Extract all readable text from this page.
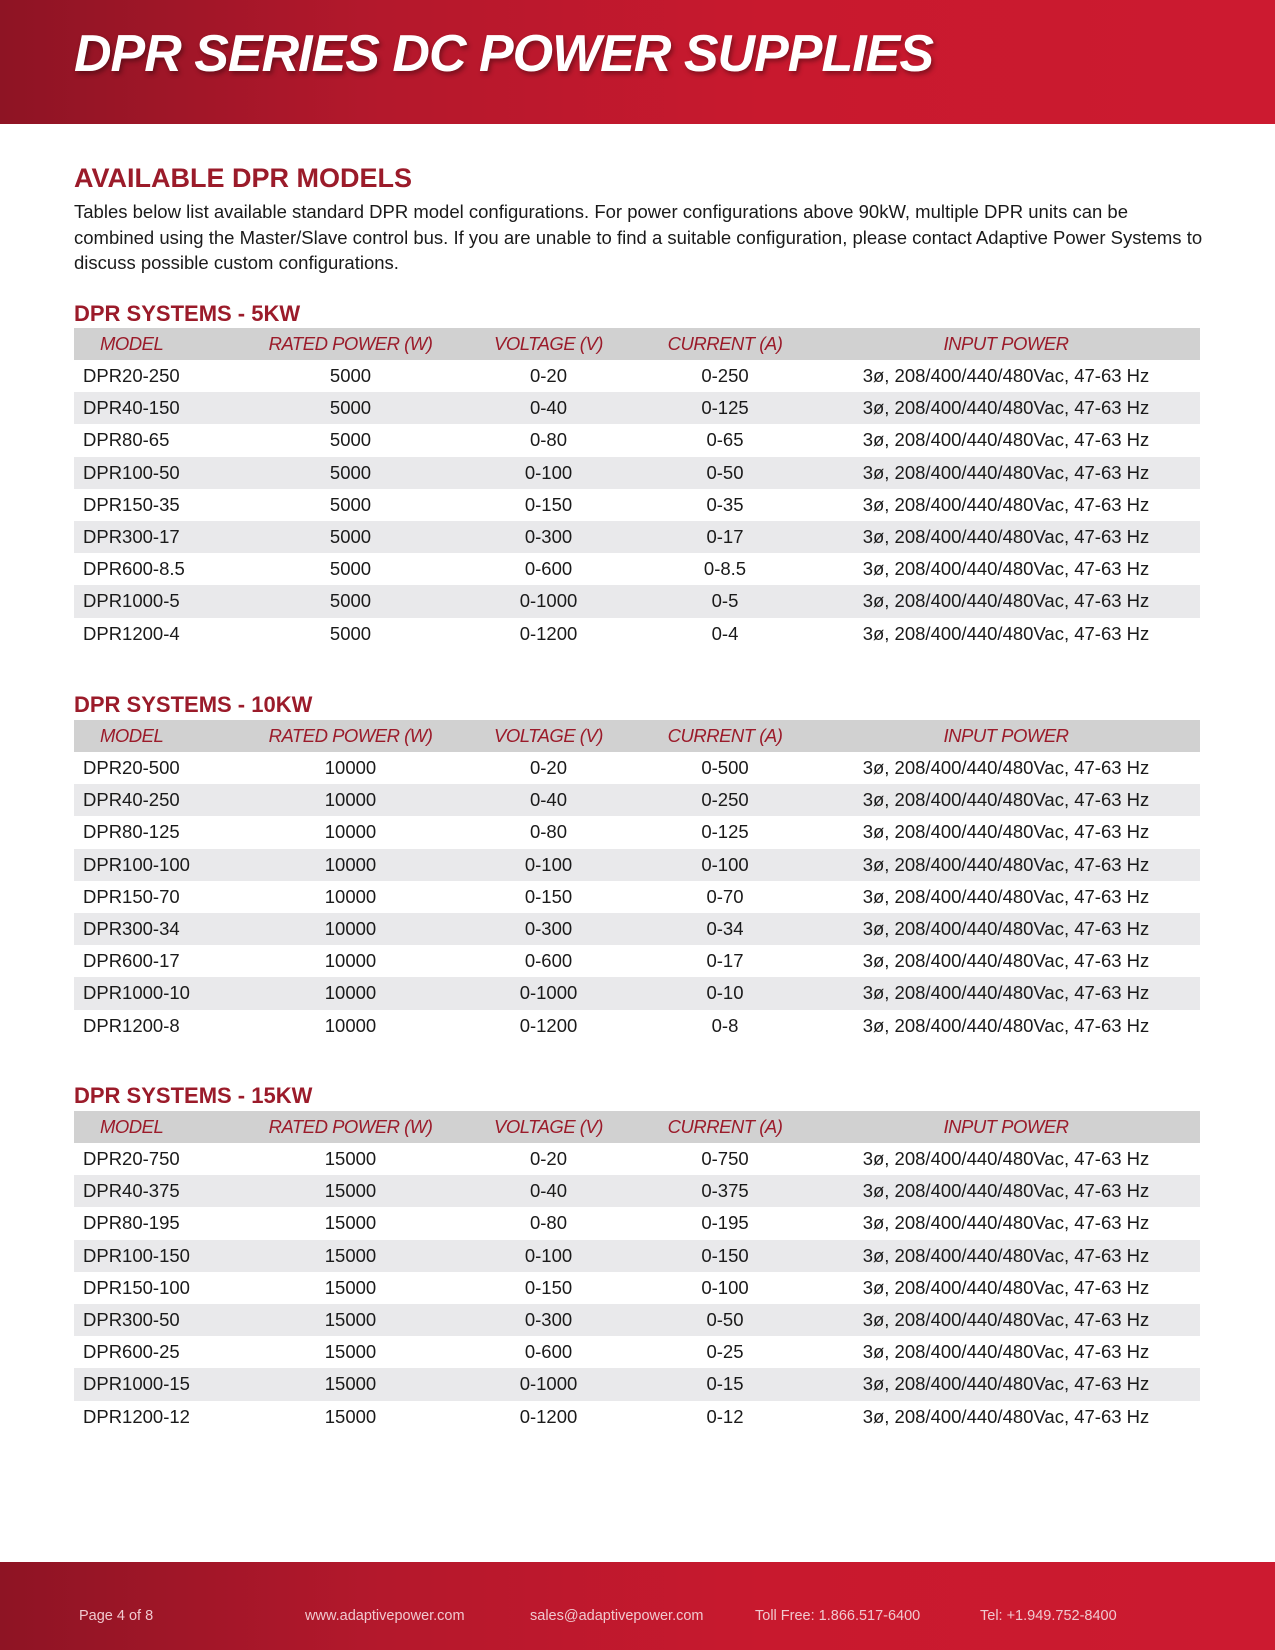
DPR SERIES DC POWER SUPPLIES
AVAILABLE DPR MODELS
Tables below list available standard DPR model configurations. For power configurations above 90kW, multiple DPR units can be combined using the Master/Slave control bus. If you are unable to find a suitable configuration, please contact Adaptive Power Systems to discuss possible custom configurations.
DPR SYSTEMS - 5KW
MODEL	RATED POWER (W)	VOLTAGE (V)	CURRENT (A)	INPUT POWER
DPR20-250	5000	0-20	0-250	3ø, 208/400/440/480Vac, 47-63 Hz
DPR40-150	5000	0-40	0-125	3ø, 208/400/440/480Vac, 47-63 Hz
DPR80-65	5000	0-80	0-65	3ø, 208/400/440/480Vac, 47-63 Hz
DPR100-50	5000	0-100	0-50	3ø, 208/400/440/480Vac, 47-63 Hz
DPR150-35	5000	0-150	0-35	3ø, 208/400/440/480Vac, 47-63 Hz
DPR300-17	5000	0-300	0-17	3ø, 208/400/440/480Vac, 47-63 Hz
DPR600-8.5	5000	0-600	0-8.5	3ø, 208/400/440/480Vac, 47-63 Hz
DPR1000-5	5000	0-1000	0-5	3ø, 208/400/440/480Vac, 47-63 Hz
DPR1200-4	5000	0-1200	0-4	3ø, 208/400/440/480Vac, 47-63 Hz
DPR SYSTEMS - 10KW
MODEL	RATED POWER (W)	VOLTAGE (V)	CURRENT (A)	INPUT POWER
DPR20-500	10000	0-20	0-500	3ø, 208/400/440/480Vac, 47-63 Hz
DPR40-250	10000	0-40	0-250	3ø, 208/400/440/480Vac, 47-63 Hz
DPR80-125	10000	0-80	0-125	3ø, 208/400/440/480Vac, 47-63 Hz
DPR100-100	10000	0-100	0-100	3ø, 208/400/440/480Vac, 47-63 Hz
DPR150-70	10000	0-150	0-70	3ø, 208/400/440/480Vac, 47-63 Hz
DPR300-34	10000	0-300	0-34	3ø, 208/400/440/480Vac, 47-63 Hz
DPR600-17	10000	0-600	0-17	3ø, 208/400/440/480Vac, 47-63 Hz
DPR1000-10	10000	0-1000	0-10	3ø, 208/400/440/480Vac, 47-63 Hz
DPR1200-8	10000	0-1200	0-8	3ø, 208/400/440/480Vac, 47-63 Hz
DPR SYSTEMS - 15KW
MODEL	RATED POWER (W)	VOLTAGE (V)	CURRENT (A)	INPUT POWER
DPR20-750	15000	0-20	0-750	3ø, 208/400/440/480Vac, 47-63 Hz
DPR40-375	15000	0-40	0-375	3ø, 208/400/440/480Vac, 47-63 Hz
DPR80-195	15000	0-80	0-195	3ø, 208/400/440/480Vac, 47-63 Hz
DPR100-150	15000	0-100	0-150	3ø, 208/400/440/480Vac, 47-63 Hz
DPR150-100	15000	0-150	0-100	3ø, 208/400/440/480Vac, 47-63 Hz
DPR300-50	15000	0-300	0-50	3ø, 208/400/440/480Vac, 47-63 Hz
DPR600-25	15000	0-600	0-25	3ø, 208/400/440/480Vac, 47-63 Hz
DPR1000-15	15000	0-1000	0-15	3ø, 208/400/440/480Vac, 47-63 Hz
DPR1200-12	15000	0-1200	0-12	3ø, 208/400/440/480Vac, 47-63 Hz
Page 4 of 8	www.adaptivepower.com	sales@adaptivepower.com	Toll Free: 1.866.517-6400	Tel: +1.949.752-8400
